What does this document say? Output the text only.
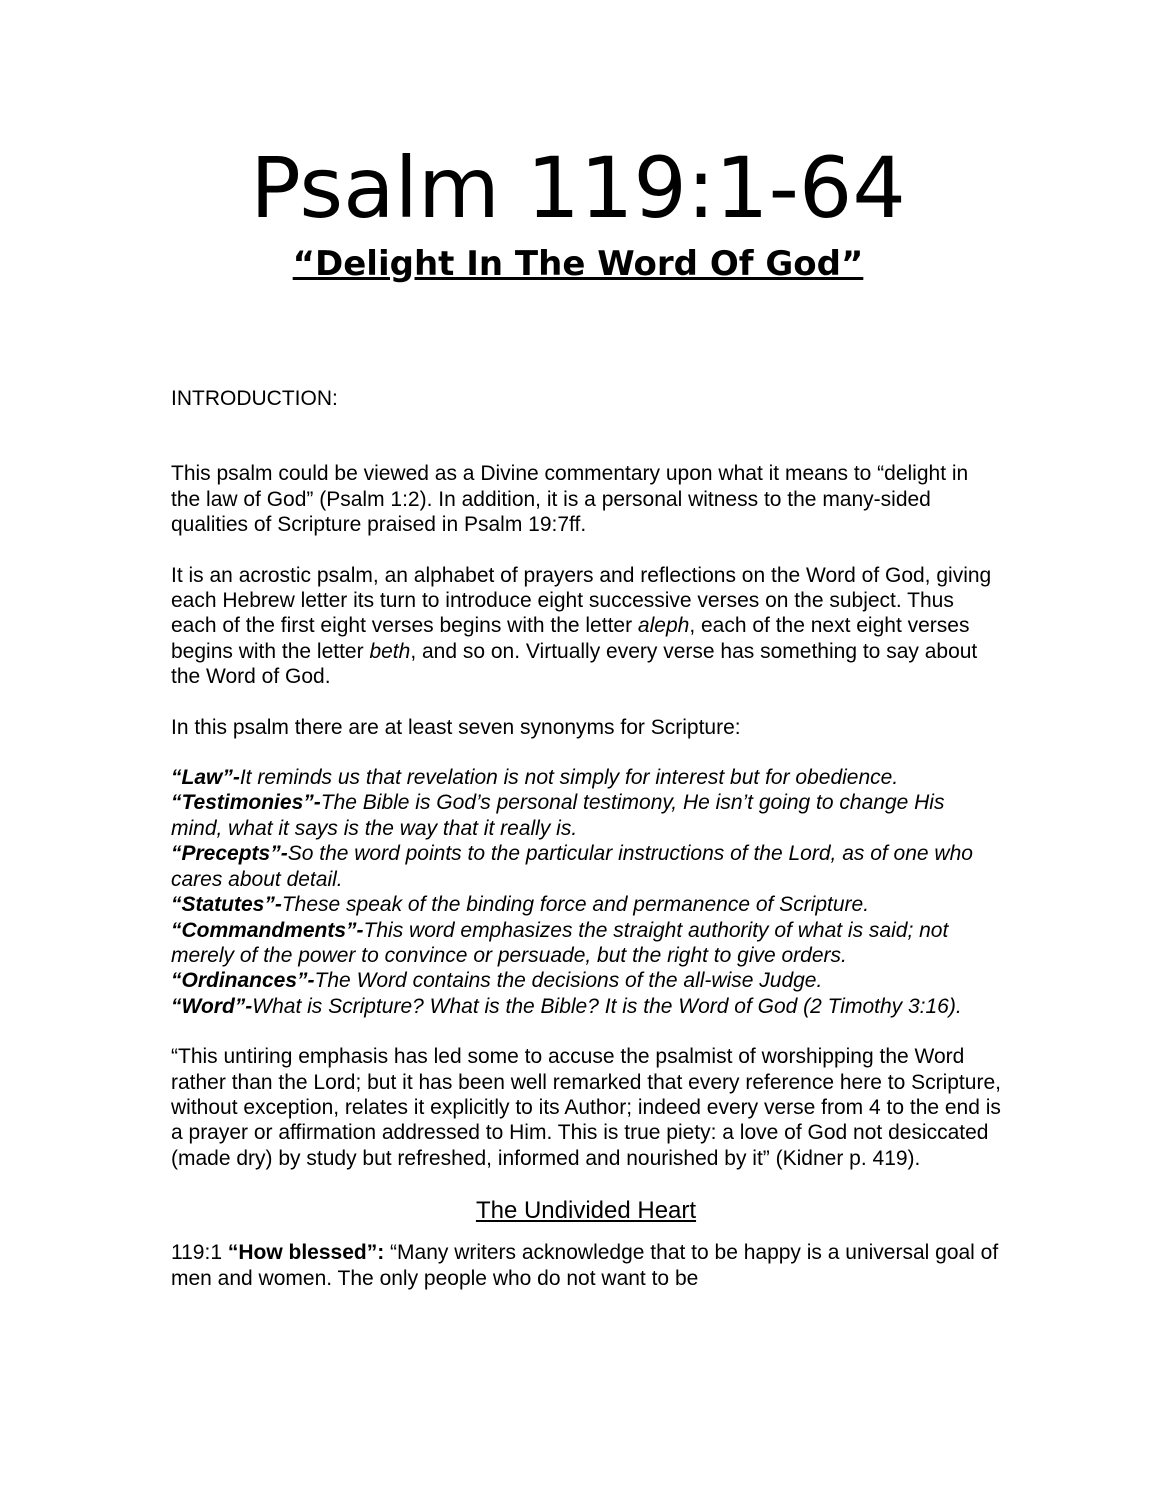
Psalm 119:1-64
“Delight In The Word Of God”

INTRODUCTION:

This psalm could be viewed as a Divine commentary upon what it means to “delight in the law of God” (Psalm 1:2). In addition, it is a personal witness to the many-sided qualities of Scripture praised in Psalm 19:7ff.

It is an acrostic psalm, an alphabet of prayers and reflections on the Word of God, giving each Hebrew letter its turn to introduce eight successive verses on the subject. Thus each of the first eight verses begins with the letter aleph, each of the next eight verses begins with the letter beth, and so on. Virtually every verse has something to say about the Word of God.

In this psalm there are at least seven synonyms for Scripture:

“Law”-It reminds us that revelation is not simply for interest but for obedience.

“Testimonies”-The Bible is God’s personal testimony, He isn’t going to change His mind, what it says is the way that it really is.

“Precepts”-So the word points to the particular instructions of the Lord, as of one who cares about detail.

“Statutes”-These speak of the binding force and permanence of Scripture.

“Commandments”-This word emphasizes the straight authority of what is said; not merely of the power to convince or persuade, but the right to give orders.

“Ordinances”-The Word contains the decisions of the all-wise Judge.

“Word”-What is Scripture? What is the Bible? It is the Word of God (2 Timothy 3:16).

“This untiring emphasis has led some to accuse the psalmist of worshipping the Word rather than the Lord; but it has been well remarked that every reference here to Scripture, without exception, relates it explicitly to its Author; indeed every verse from 4 to the end is a prayer or affirmation addressed to Him. This is true piety: a love of God not desiccated (made dry) by study but refreshed, informed and nourished by it” (Kidner p. 419).

The Undivided Heart

119:1 “How blessed”: “Many writers acknowledge that to be happy is a universal goal of men and women. The only people who do not want to be
